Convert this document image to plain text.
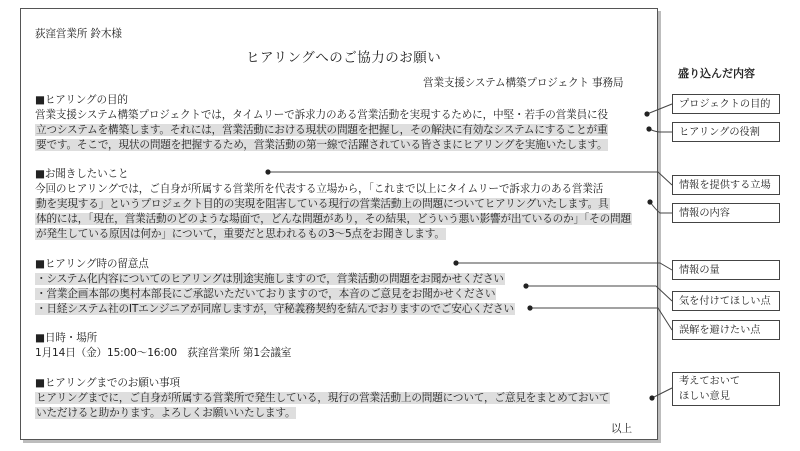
荻窪営業所 鈴木様
ヒアリングへのご協力のお願い
営業支援システム構築プロジェクト 事務局
■ヒアリングの目的
営業支援システム構築プロジェクトでは，タイムリーで訴求力のある営業活動を実現するために，中堅・若手の営業員に役
立つシステムを構築します。それには，営業活動における現状の問題を把握し，その解決に有効なシステムにすることが重
要です。そこで，現状の問題を把握するため，営業活動の第一線で活躍されている皆さまにヒアリングを実施いたします。
■お聞きしたいこと
今回のヒアリングでは，ご自身が所属する営業所を代表する立場から，「これまで以上にタイムリーで訴求力のある営業活
動を実現する」というプロジェクト目的の実現を阻害している現行の営業活動上の問題についてヒアリングいたします。具
体的には，「現在，営業活動のどのような場面で，どんな問題があり，その結果，どういう悪い影響が出ているのか」「その問題
が発生している原因は何か」について，重要だと思われるもの3～5点をお聞きします。
■ヒアリング時の留意点
・システム化内容についてのヒアリングは別途実施しますので，営業活動の問題をお聞かせください
・営業企画本部の奥村本部長にご承認いただいておりますので，本音のご意見をお聞かせください
・日経システム社のITエンジニアが同席しますが，守秘義務契約を結んでおりますのでご安心ください
■日時・場所
1月14日（金）15:00～16:00　荻窪営業所 第1会議室
■ヒアリングまでのお願い事項
ヒアリングまでに，ご自身が所属する営業所で発生している，現行の営業活動上の問題について，ご意見をまとめておいて
いただけると助かります。よろしくお願いいたします。
以上
盛り込んだ内容
プロジェクトの目的
ヒアリングの役割
情報を提供する立場
情報の内容
情報の量
気を付けてほしい点
誤解を避けたい点
考えておいて
ほしい意見
